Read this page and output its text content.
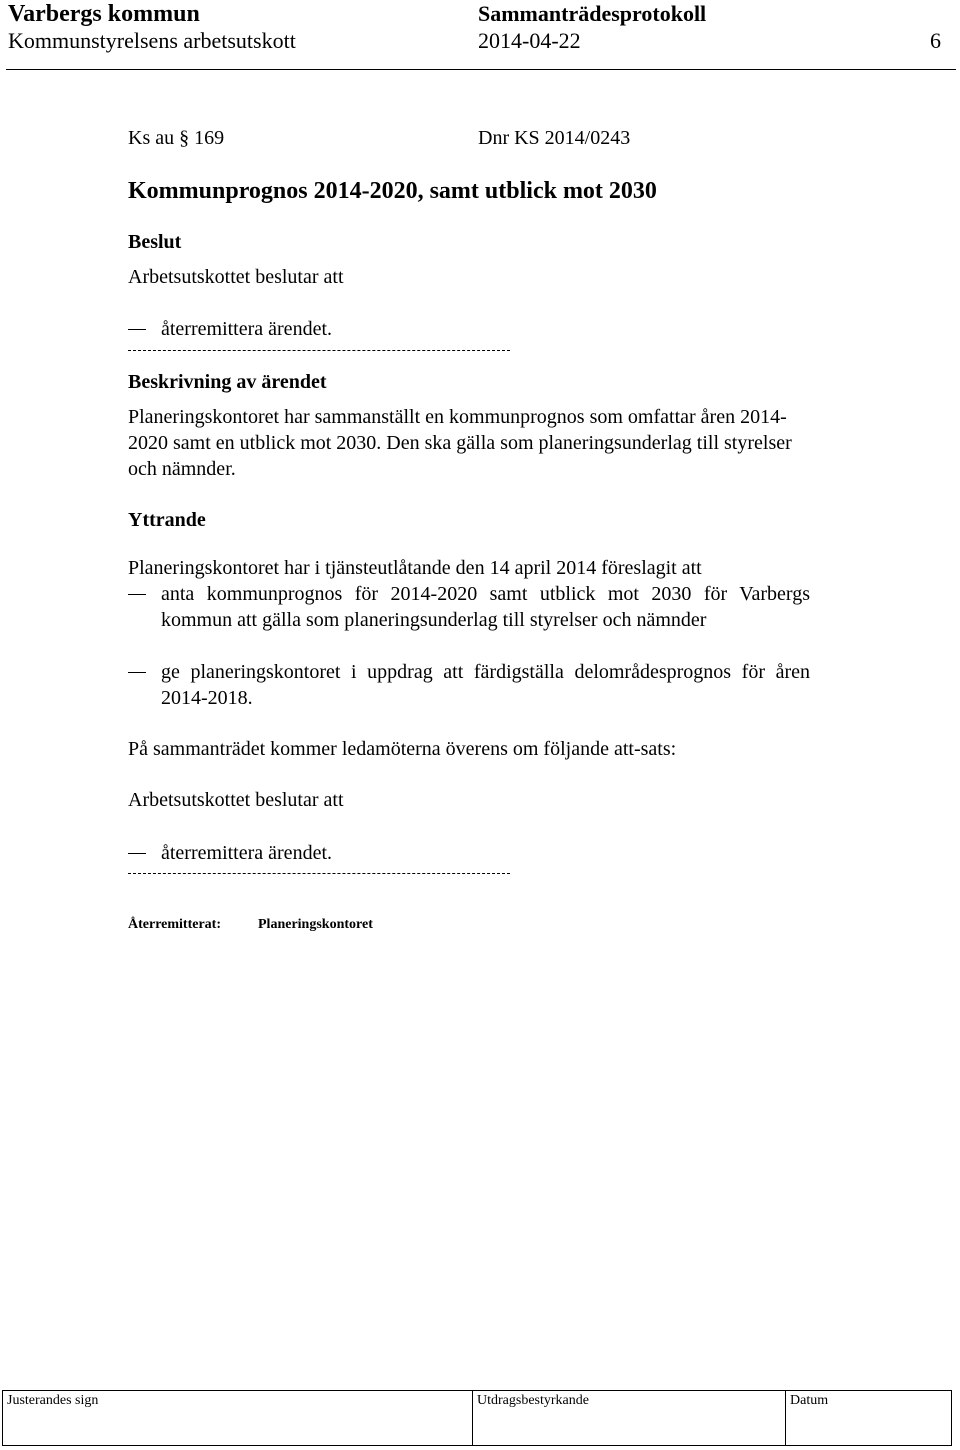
Varbergs kommun	Sammanträdesprotokoll
Kommunstyrelsens arbetsutskott	2014-04-22	6
Ks au § 169	Dnr KS 2014/0243
Kommunprognos 2014-2020, samt utblick mot 2030
Beslut
Arbetsutskottet beslutar att
återremittera ärendet.
Beskrivning av ärendet
Planeringskontoret har sammanställt en kommunprognos som omfattar åren 2014-2020 samt en utblick mot 2030. Den ska gälla som planeringsunderlag till styrelser och nämnder.
Yttrande
Planeringskontoret har i tjänsteutlåtande den 14 april 2014 föreslagit att
anta kommunprognos för 2014-2020 samt utblick mot 2030 för Varbergs kommun att gälla som planeringsunderlag till styrelser och nämnder
ge planeringskontoret i uppdrag att färdigställa delområdesprognos för åren 2014-2018.
På sammanträdet kommer ledamöterna överens om följande att-sats:
Arbetsutskottet beslutar att
återremittera ärendet.
Återremitterat:	Planeringskontoret
Justerandes sign	Utdragsbestyrkande	Datum
